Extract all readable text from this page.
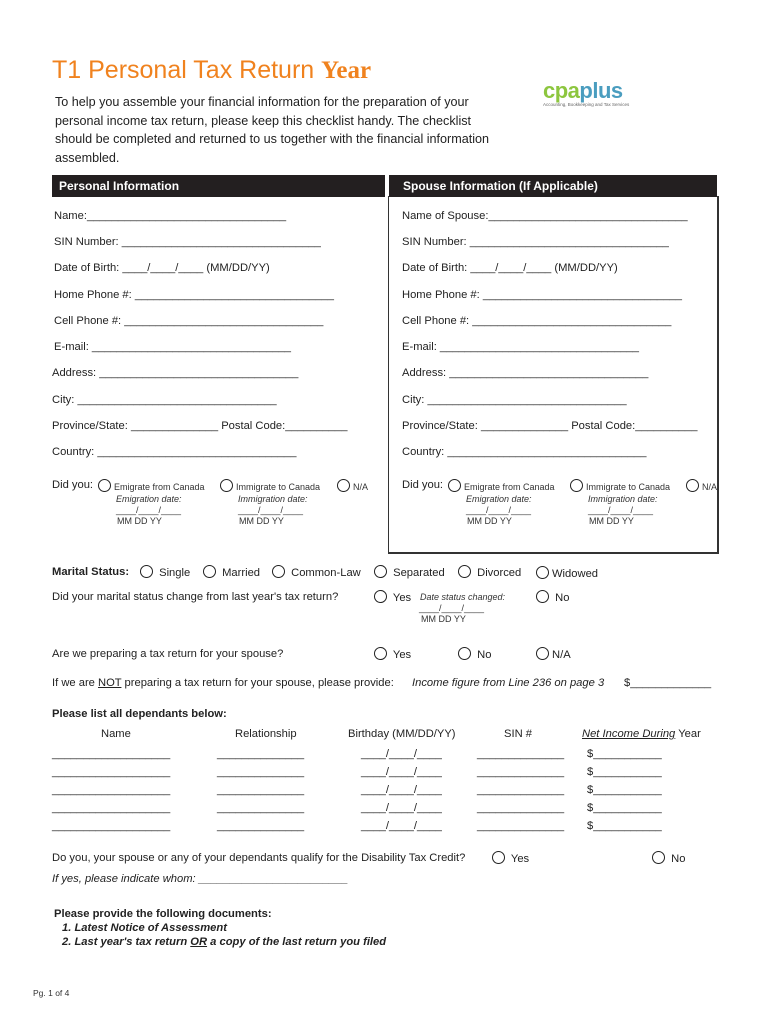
T1 Personal Tax Return Year
To help you assemble your financial information for the preparation of your personal income tax return, please keep this checklist handy. The checklist should be completed and returned to us together with the financial information assembled.
cpaplus
Accounting, Bookkeeping and Tax Services
Personal Information	Spouse Information (If Applicable)
Name:________________________________
SIN Number: ________________________________
Date of Birth: ____/____/____ (MM/DD/YY)
Home Phone #: ________________________________
Cell Phone #: ________________________________
E-mail: ________________________________
Address: ________________________________
City: ________________________________
Province/State: ______________ Postal Code:__________
Country: ________________________________
Did you:	Emigrate from Canada	Immigrate to Canada	N/A
Emigration date:
____/____/____
MM DD YY
Immigration date:
____/____/____
MM DD YY
Name of Spouse:________________________________
SIN Number: ________________________________
Date of Birth: ____/____/____ (MM/DD/YY)
Home Phone #: ________________________________
Cell Phone #: ________________________________
E-mail: ________________________________
Address: ________________________________
City: ________________________________
Province/State: ______________ Postal Code:__________
Country: ________________________________
Did you:	Emigrate from Canada	Immigrate to Canada	N/A
Emigration date:
____/____/____
MM DD YY
Immigration date:
____/____/____
MM DD YY
Marital Status:	Single	Married	Common-Law	Separated	Divorced	Widowed
Did your marital status change from last year's tax return?	Yes Date status changed:
____/____/____
MM DD YY
No
Are we preparing a tax return for your spouse?	Yes	No	N/A
If we are NOT preparing a tax return for your spouse, please provide: Income figure from Line 236 on page 3 $_____________
Please list all dependants below:
Name	Relationship	Birthday (MM/DD/YY)	SIN #	Net Income During Year
___________________	______________	____/____/____	______________ $___________
___________________	______________	____/____/____	______________ $___________
___________________	______________	____/____/____	______________ $___________
___________________	______________	____/____/____	______________ $___________
___________________	______________	____/____/____	______________ $___________
Do you, your spouse or any of your dependants qualify for the Disability Tax Credit?	Yes	No
If yes, please indicate whom: ________________________
Please provide the following documents:
1. Latest Notice of Assessment
2. Last year's tax return OR a copy of the last return you filed
Pg. 1 of 4
